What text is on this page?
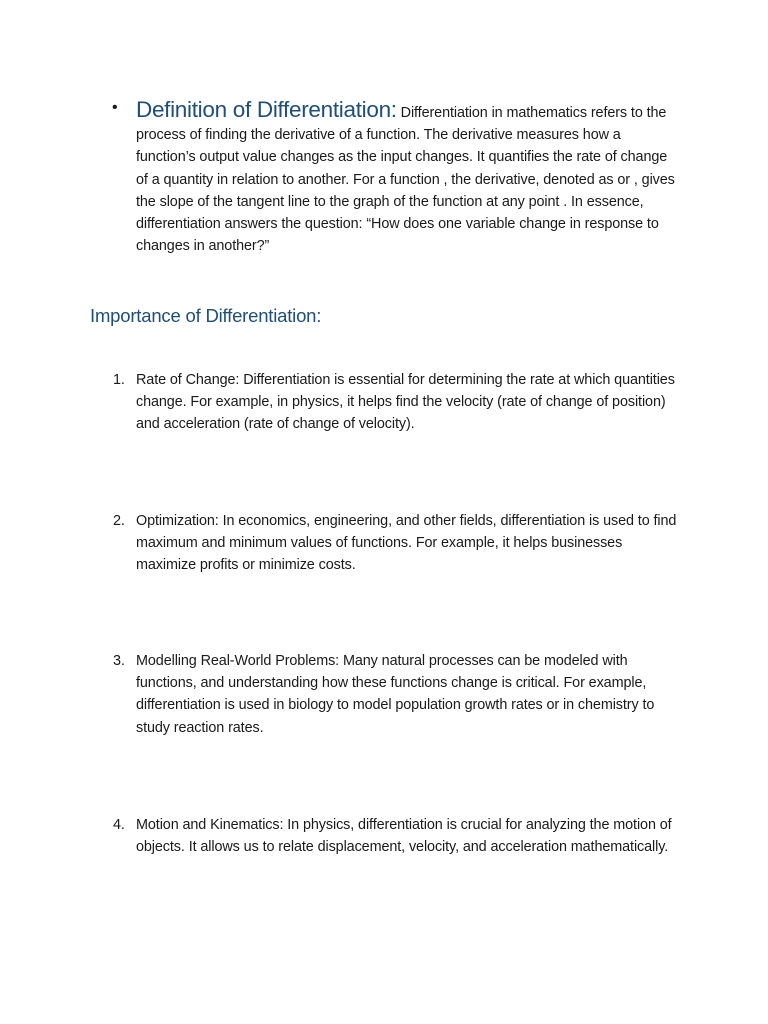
• Definition of Differentiation: Differentiation in mathematics refers to the process of finding the derivative of a function. The derivative measures how a function’s output value changes as the input changes. It quantifies the rate of change of a quantity in relation to another. For a function , the derivative, denoted as or , gives the slope of the tangent line to the graph of the function at any point . In essence, differentiation answers the question: “How does one variable change in response to changes in another?”
Importance of Differentiation:
1. Rate of Change: Differentiation is essential for determining the rate at which quantities change. For example, in physics, it helps find the velocity (rate of change of position) and acceleration (rate of change of velocity).
2. Optimization: In economics, engineering, and other fields, differentiation is used to find maximum and minimum values of functions. For example, it helps businesses maximize profits or minimize costs.
3. Modelling Real-World Problems: Many natural processes can be modeled with functions, and understanding how these functions change is critical. For example, differentiation is used in biology to model population growth rates or in chemistry to study reaction rates.
4. Motion and Kinematics: In physics, differentiation is crucial for analyzing the motion of objects. It allows us to relate displacement, velocity, and acceleration mathematically.
